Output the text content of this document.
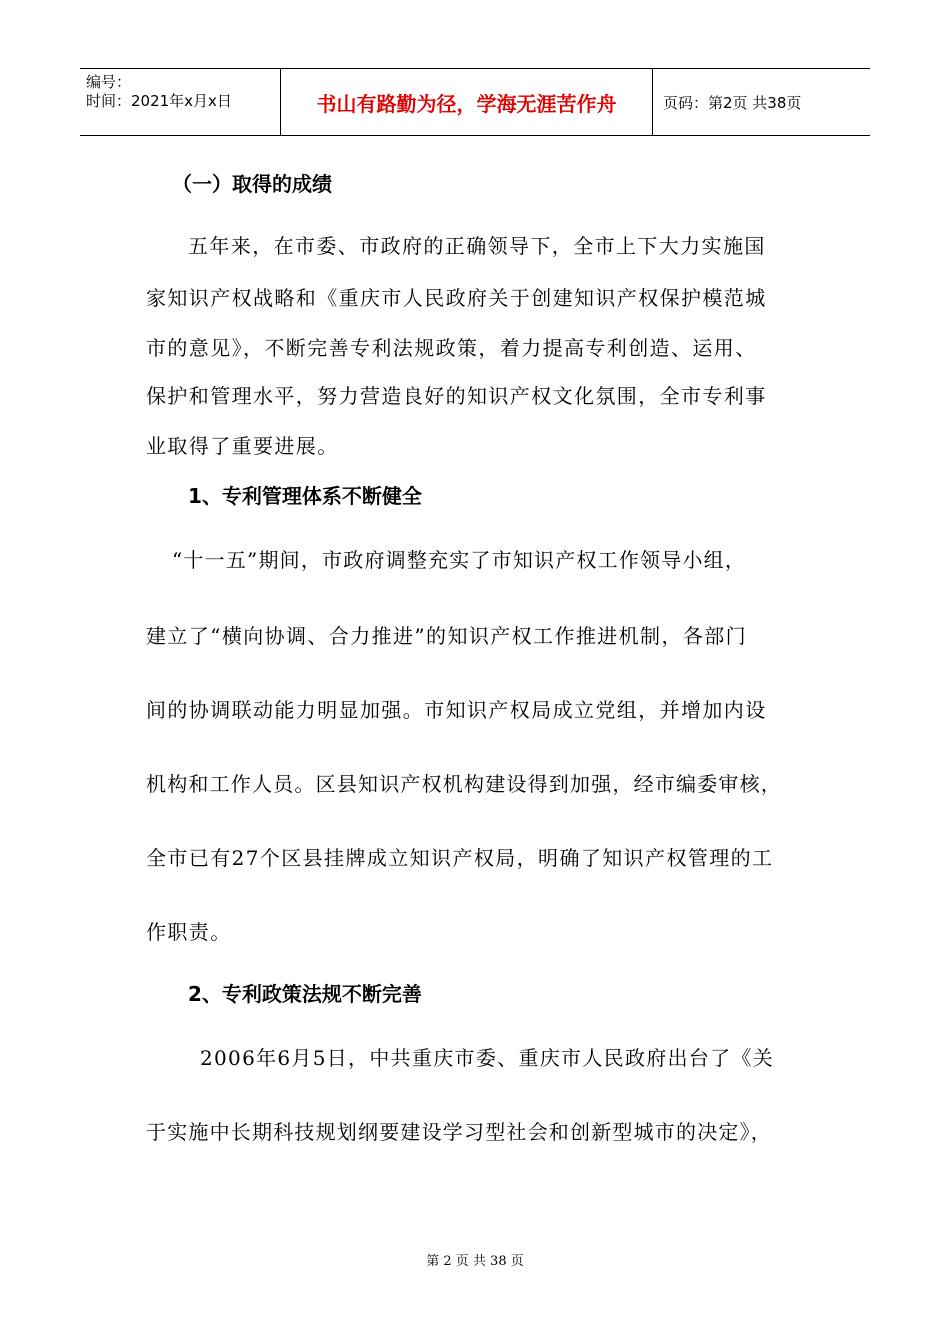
编号：
时间：2021年x月x日	书山有路勤为径，学海无涯苦作舟	页码：第2页 共38页
（一）取得的成绩
五年来，在市委、市政府的正确领导下，全市上下大力实施国
家知识产权战略和《重庆市人民政府关于创建知识产权保护模范城
市的意见》，不断完善专利法规政策，着力提高专利创造、运用、
保护和管理水平，努力营造良好的知识产权文化氛围，全市专利事
业取得了重要进展。
1、专利管理体系不断健全
“十一五”期间，市政府调整充实了市知识产权工作领导小组，
建立了“横向协调、合力推进”的知识产权工作推进机制，各部门
间的协调联动能力明显加强。市知识产权局成立党组，并增加内设
机构和工作人员。区县知识产权机构建设得到加强，经市编委审核，
全市已有27个区县挂牌成立知识产权局，明确了知识产权管理的工
作职责。
2、专利政策法规不断完善
2006年6月5日，中共重庆市委、重庆市人民政府出台了《关
于实施中长期科技规划纲要建设学习型社会和创新型城市的决定》，
第 2 页 共 38 页
